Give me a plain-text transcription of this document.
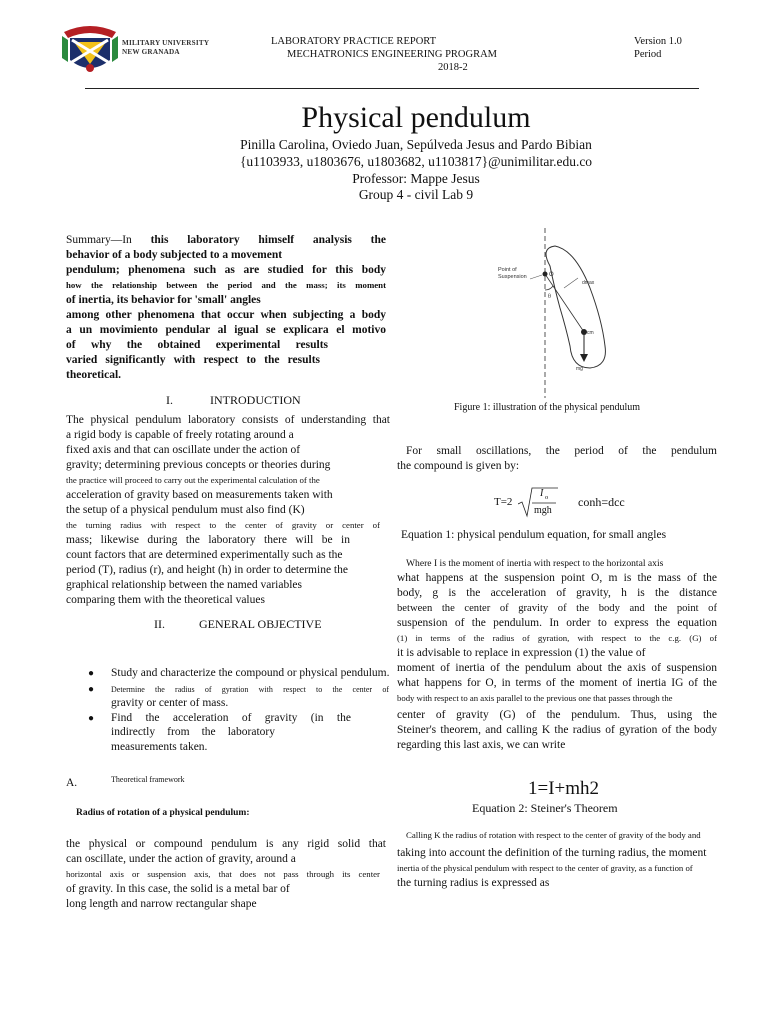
MILITARY UNIVERSITY
NEW GRANADA
LABORATORY PRACTICE REPORT
MECHATRONICS ENGINEERING PROGRAM
2018-2
Version 1.0
Period
Physical pendulum
Pinilla Carolina, Oviedo Juan, Sepúlveda Jesus and Pardo Bibian
{u1103933, u1803676, u1803682, u1103817}@unimilitar.edu.co
Professor: Mappe Jesus
Group 4 - civil Lab 9
Summary—In this laboratory himself analysis the
behavior of a body subjected to a movement
pendulum; phenomena such as are studied for this body
how the relationship between the period and the mass; its moment
of inertia, its behavior for 'small' angles
among other phenomena that occur when subjecting a body
a un movimiento pendular al igual se explicara el motivo
of why the obtained experimental results
varied significantly with respect to the results
theoretical.
I.	INTRODUCTION
The physical pendulum laboratory consists of understanding that
a rigid body is capable of freely rotating around a
fixed axis and that can oscillate under the action of
gravity; determining previous concepts or theories during
the practice will proceed to carry out the experimental calculation of the
acceleration of gravity based on measurements taken with
the setup of a physical pendulum must also find (K)
the turning radius with respect to the center of gravity or center of
mass; likewise during the laboratory there will be in
count factors that are determined experimentally such as the
period (T), radius (r), and height (h) in order to determine the
graphical relationship between the named variables
comparing them with the theoretical values
II.	GENERAL OBJECTIVE
● Study and characterize the compound or physical pendulum.
● Determine the radius of gyration with respect to the center of
gravity or center of mass.
● Find the acceleration of gravity (in the
indirectly from the laboratory
measurements taken.
A.	Theoretical framework
Radius of rotation of a physical pendulum:
the physical or compound pendulum is any rigid solid that
can oscillate, under the action of gravity, around a
horizontal axis or suspension axis, that does not pass through its center
of gravity. In this case, the solid is a metal bar of
long length and narrow rectangular shape
Point of
Suspension	O
θ
dmax
cm
mg
Figure 1: illustration of the physical pendulum
For small oscillations, the period of the pendulum
the compound is given by:
T=2
I o
mgh
conh=dcc
Equation 1: physical pendulum equation, for small angles
Where I is the moment of inertia with respect to the horizontal axis
what happens at the suspension point O, m is the mass of the
body, g is the acceleration of gravity, h is the distance
between the center of gravity of the body and the point of
suspension of the pendulum. In order to express the equation
(1) in terms of the radius of gyration, with respect to the c.g. (G) of
it is advisable to replace in expression (1) the value of
moment of inertia of the pendulum about the axis of suspension
what happens for O, in terms of the moment of inertia IG of the
body with respect to an axis parallel to the previous one that passes through the
center of gravity (G) of the pendulum. Thus, using the
Steiner's theorem, and calling K the radius of gyration of the body
regarding this last axis, we can write
1=I+mh2
Equation 2: Steiner's Theorem
Calling K the radius of rotation with respect to the center of gravity of the body and
taking into account the definition of the turning radius, the moment
inertia of the physical pendulum with respect to the center of gravity, as a function of
the turning radius is expressed as
